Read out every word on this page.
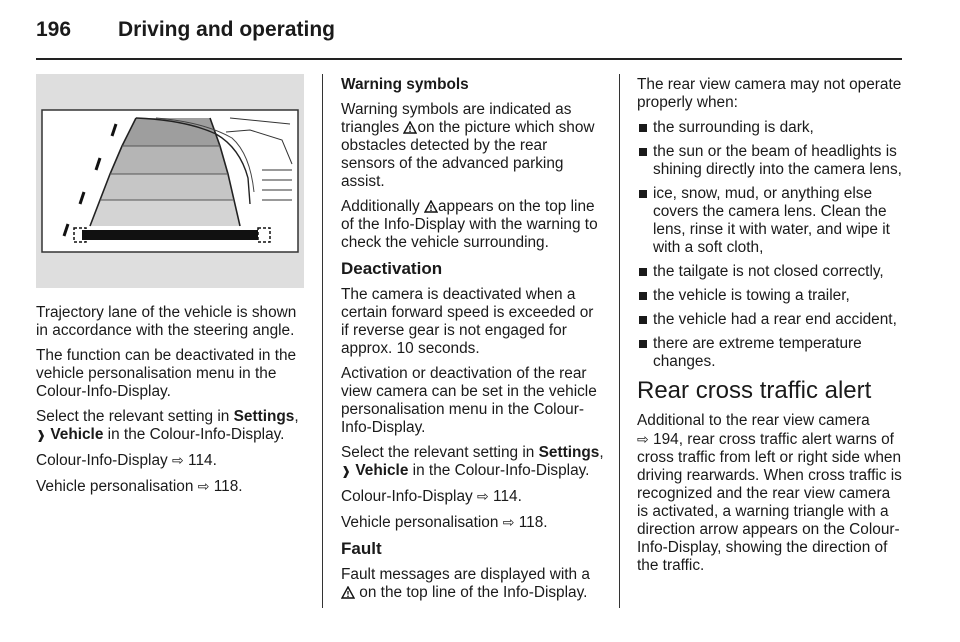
196 Driving and operating

Trajectory lane of the vehicle is shown in accordance with the steering angle.

The function can be deactivated in the vehicle personalisation menu in the Colour-Info-Display.

Select the relevant setting in Settings,
❱ Vehicle in the Colour-Info-Display.

Colour-Info-Display ⇨ 114.

Vehicle personalisation ⇨ 118.

Warning symbols

Warning symbols are indicated as triangles on the picture which show obstacles detected by the rear sensors of the advanced parking assist.

Additionally appears on the top line of the Info-Display with the warning to check the vehicle surrounding.

Deactivation

The camera is deactivated when a certain forward speed is exceeded or if reverse gear is not engaged for approx. 10 seconds.

Activation or deactivation of the rear view camera can be set in the vehicle personalisation menu in the Colour-Info-Display.

Select the relevant setting in Settings,
❱ Vehicle in the Colour-Info-Display.

Colour-Info-Display ⇨ 114.

Vehicle personalisation ⇨ 118.

Fault

Fault messages are displayed with a
on the top line of the Info-Display.

The rear view camera may not operate properly when:

the surrounding is dark,
the sun or the beam of headlights is shining directly into the camera lens,
ice, snow, mud, or anything else covers the camera lens. Clean the lens, rinse it with water, and wipe it with a soft cloth,
the tailgate is not closed correctly,
the vehicle is towing a trailer,
the vehicle had a rear end accident,
there are extreme temperature changes.

Rear cross traffic alert

Additional to the rear view camera
⇨ 194, rear cross traffic alert warns of cross traffic from left or right side when driving rearwards. When cross traffic is recognized and the rear view camera is activated, a warning triangle with a direction arrow appears on the Colour-Info-Display, showing the direction of the traffic.
